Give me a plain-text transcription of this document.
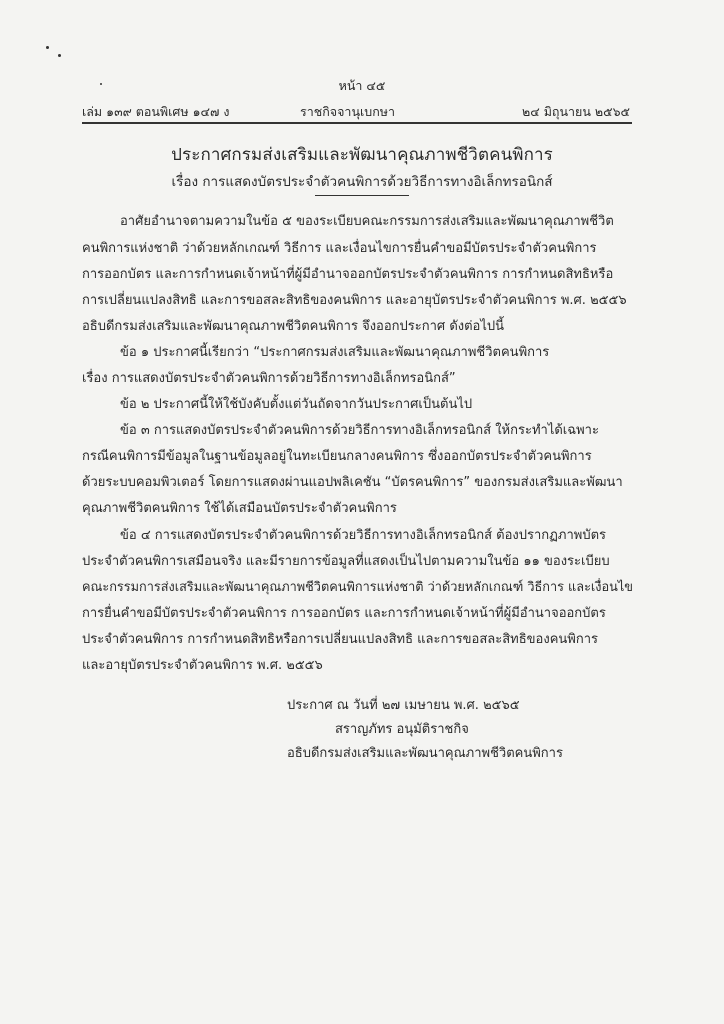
หน้า ๔๕
เล่ม ๑๓๙ ตอนพิเศษ ๑๔๗ ง	ราชกิจจานุเบกษา	๒๔ มิถุนายน ๒๕๖๕
ประกาศกรมส่งเสริมและพัฒนาคุณภาพชีวิตคนพิการ
เรื่อง การแสดงบัตรประจำตัวคนพิการด้วยวิธีการทางอิเล็กทรอนิกส์
อาศัยอำนาจตามความในข้อ ๕ ของระเบียบคณะกรรมการส่งเสริมและพัฒนาคุณภาพชีวิต
คนพิการแห่งชาติ ว่าด้วยหลักเกณฑ์ วิธีการ และเงื่อนไขการยื่นคำขอมีบัตรประจำตัวคนพิการ
การออกบัตร และการกำหนดเจ้าหน้าที่ผู้มีอำนาจออกบัตรประจำตัวคนพิการ การกำหนดสิทธิหรือ
การเปลี่ยนแปลงสิทธิ และการขอสละสิทธิของคนพิการ และอายุบัตรประจำตัวคนพิการ พ.ศ. ๒๕๕๖
อธิบดีกรมส่งเสริมและพัฒนาคุณภาพชีวิตคนพิการ จึงออกประกาศ ดังต่อไปนี้
ข้อ ๑ ประกาศนี้เรียกว่า “ประกาศกรมส่งเสริมและพัฒนาคุณภาพชีวิตคนพิการ
เรื่อง การแสดงบัตรประจำตัวคนพิการด้วยวิธีการทางอิเล็กทรอนิกส์”
ข้อ ๒ ประกาศนี้ให้ใช้บังคับตั้งแต่วันถัดจากวันประกาศเป็นต้นไป
ข้อ ๓ การแสดงบัตรประจำตัวคนพิการด้วยวิธีการทางอิเล็กทรอนิกส์ ให้กระทำได้เฉพาะ
กรณีคนพิการมีข้อมูลในฐานข้อมูลอยู่ในทะเบียนกลางคนพิการ ซึ่งออกบัตรประจำตัวคนพิการ
ด้วยระบบคอมพิวเตอร์ โดยการแสดงผ่านแอปพลิเคชัน “บัตรคนพิการ” ของกรมส่งเสริมและพัฒนา
คุณภาพชีวิตคนพิการ ใช้ได้เสมือนบัตรประจำตัวคนพิการ
ข้อ ๔ การแสดงบัตรประจำตัวคนพิการด้วยวิธีการทางอิเล็กทรอนิกส์ ต้องปรากฏภาพบัตร
ประจำตัวคนพิการเสมือนจริง และมีรายการข้อมูลที่แสดงเป็นไปตามความในข้อ ๑๑ ของระเบียบ
คณะกรรมการส่งเสริมและพัฒนาคุณภาพชีวิตคนพิการแห่งชาติ ว่าด้วยหลักเกณฑ์ วิธีการ และเงื่อนไข
การยื่นคำขอมีบัตรประจำตัวคนพิการ การออกบัตร และการกำหนดเจ้าหน้าที่ผู้มีอำนาจออกบัตร
ประจำตัวคนพิการ การกำหนดสิทธิหรือการเปลี่ยนแปลงสิทธิ และการขอสละสิทธิของคนพิการ
และอายุบัตรประจำตัวคนพิการ พ.ศ. ๒๕๕๖
ประกาศ ณ วันที่ ๒๗ เมษายน พ.ศ. ๒๕๖๕
สราญภัทร อนุมัติราชกิจ
อธิบดีกรมส่งเสริมและพัฒนาคุณภาพชีวิตคนพิการ
